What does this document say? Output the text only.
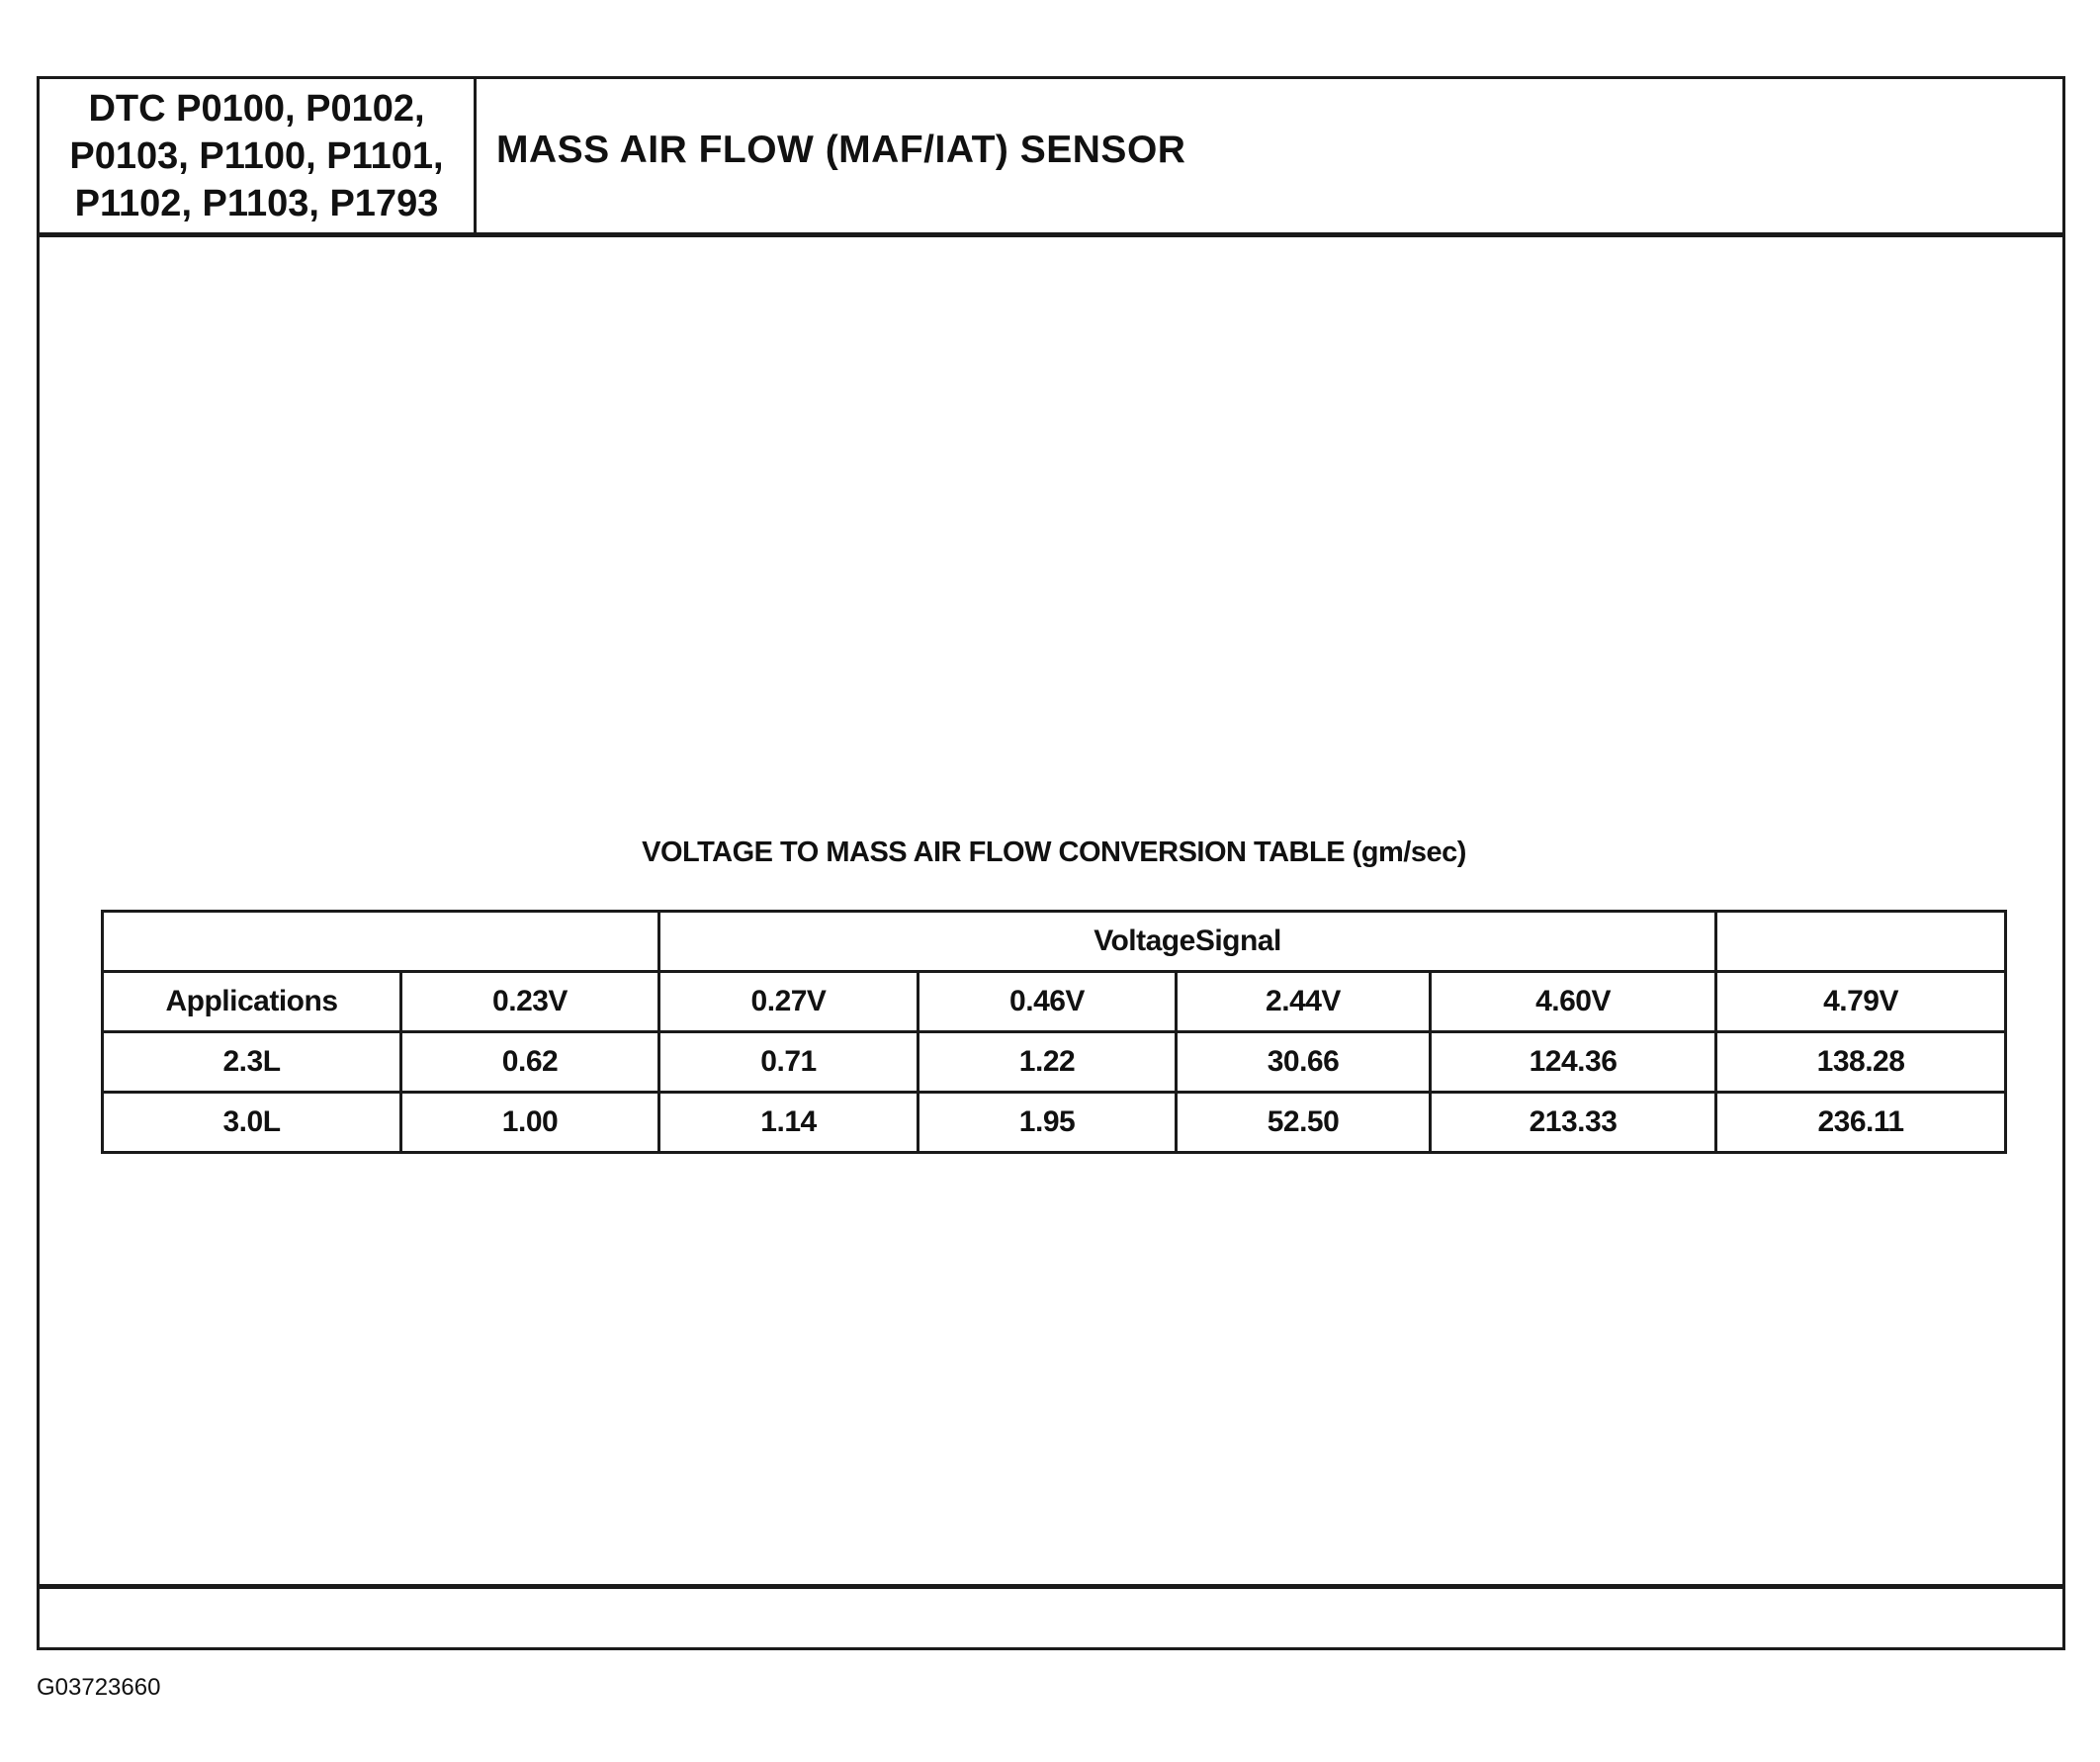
DTC P0100, P0102,
P0103, P1100, P1101,
P1102, P1103, P1793
MASS AIR FLOW (MAF/IAT) SENSOR
VOLTAGE TO MASS AIR FLOW CONVERSION TABLE (gm/sec)
		VoltageSignal				
Applications	0.23V	0.27V	0.46V	2.44V	4.60V	4.79V
2.3L	0.62	0.71	1.22	30.66	124.36	138.28
3.0L	1.00	1.14	1.95	52.50	213.33	236.11
G03723660
